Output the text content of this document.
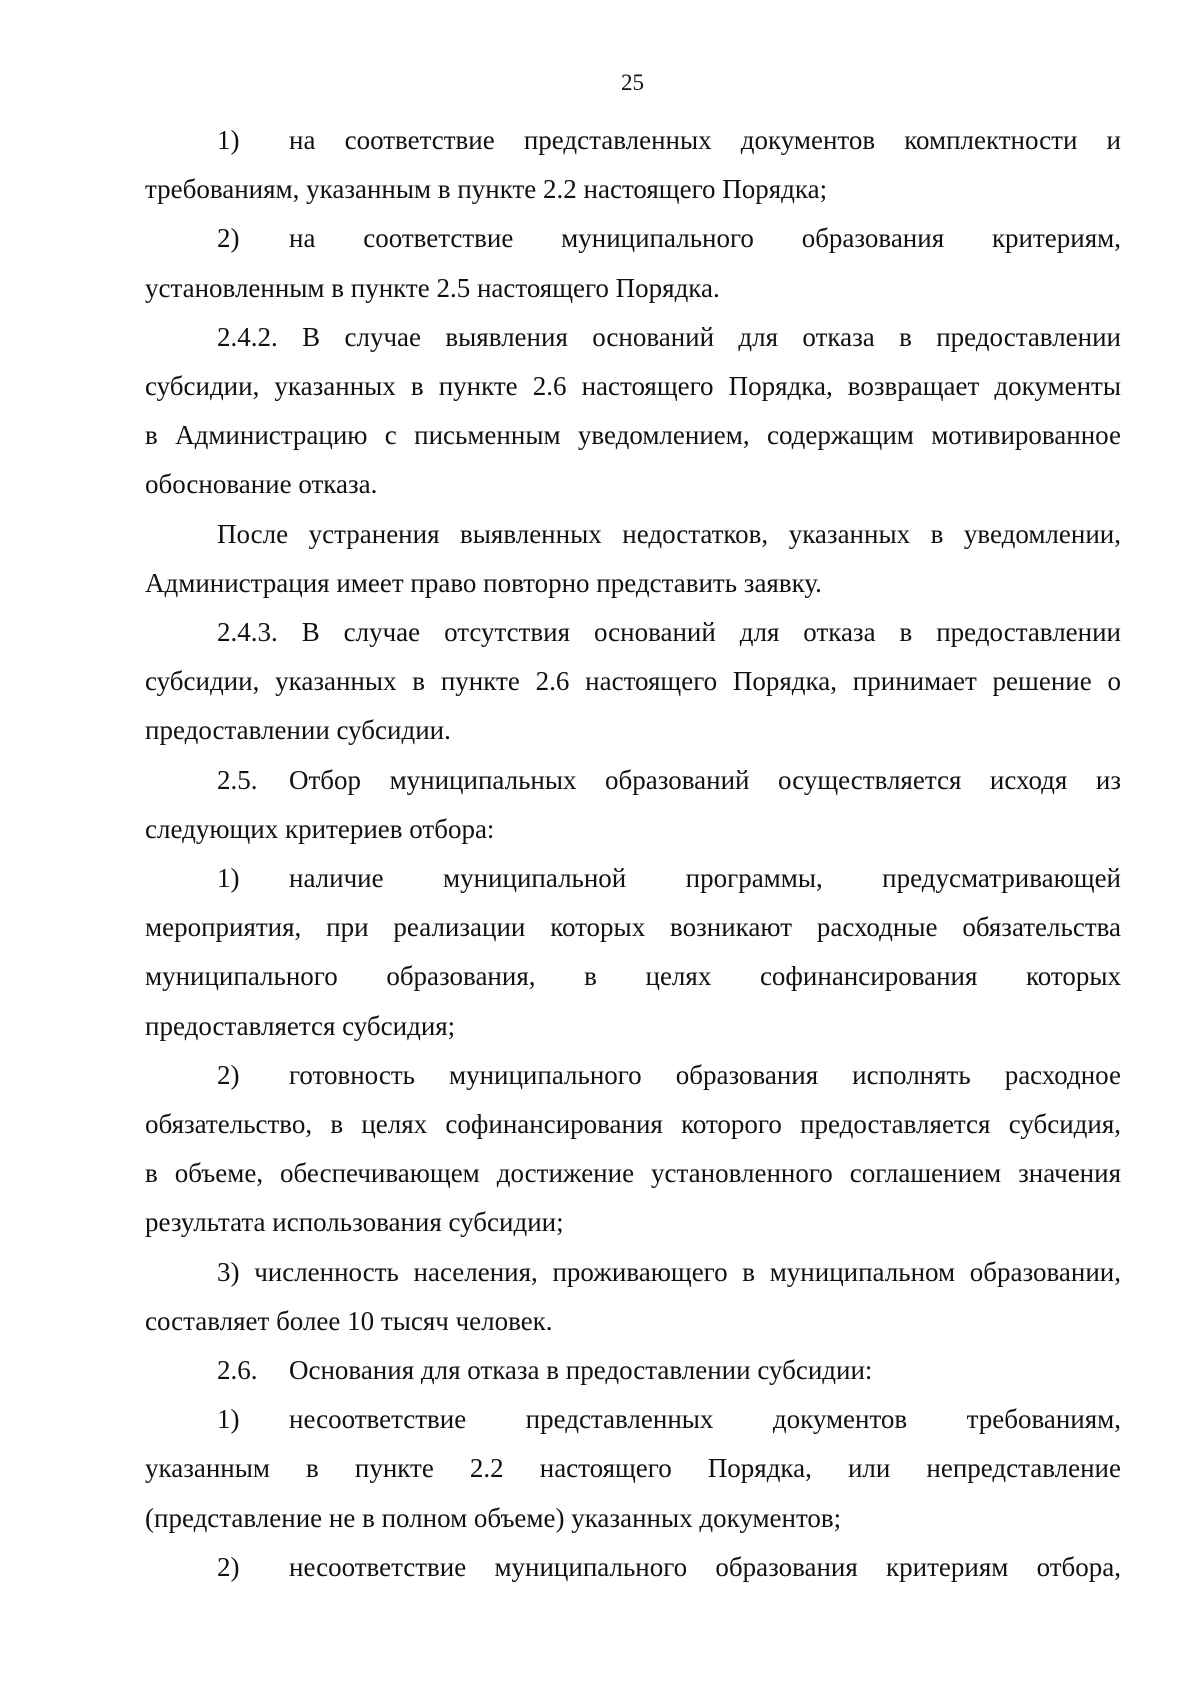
25

1) на соответствие представленных документов комплектности и

требованиям, указанным в пункте 2.2 настоящего Порядка;

2) на соответствие муниципального образования критериям,

установленным в пункте 2.5 настоящего Порядка.

2.4.2. В случае выявления оснований для отказа в предоставлении

субсидии, указанных в пункте 2.6 настоящего Порядка, возвращает документы

в Администрацию с письменным уведомлением, содержащим мотивированное

обоснование отказа.

После устранения выявленных недостатков, указанных в уведомлении,

Администрация имеет право повторно представить заявку.

2.4.3. В случае отсутствия оснований для отказа в предоставлении

субсидии, указанных в пункте 2.6 настоящего Порядка, принимает решение о

предоставлении субсидии.

2.5. Отбор муниципальных образований осуществляется исходя из

следующих критериев отбора:

1) наличие муниципальной программы, предусматривающей

мероприятия, при реализации которых возникают расходные обязательства

муниципального образования, в целях софинансирования которых

предоставляется субсидия;

2) готовность муниципального образования исполнять расходное

обязательство, в целях софинансирования которого предоставляется субсидия,

в объеме, обеспечивающем достижение установленного соглашением значения

результата использования субсидии;

3) численность населения, проживающего в муниципальном образовании,

составляет более 10 тысяч человек.

2.6. Основания для отказа в предоставлении субсидии:

1) несоответствие представленных документов требованиям,

указанным в пункте 2.2 настоящего Порядка, или непредставление

(представление не в полном объеме) указанных документов;

2) несоответствие муниципального образования критериям отбора,
